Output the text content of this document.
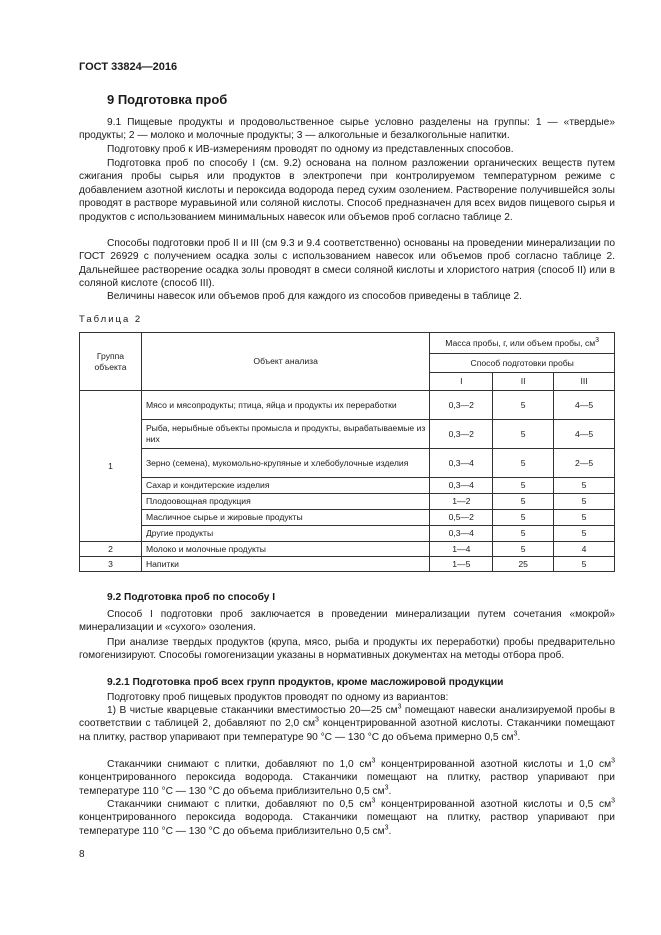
ГОСТ 33824—2016
9 Подготовка проб

9.1 Пищевые продукты и продовольственное сырье условно разделены на группы: 1 — «твердые» продукты; 2 — молоко и молочные продукты; 3 — алкогольные и безалкогольные напитки.

Подготовку проб к ИВ-измерениям проводят по одному из представленных способов.

Подготовка проб по способу I (см. 9.2) основана на полном разложении органических веществ путем сжигания пробы сырья или продуктов в электропечи при контролируемом температурном режиме с добавлением азотной кислоты и пероксида водорода перед сухим озолением. Растворение получившейся золы проводят в растворе муравьиной или соляной кислоты. Способ предназначен для всех видов пищевого сырья и продуктов с использованием минимальных навесок или объемов проб согласно таблице 2.

Способы подготовки проб II и III (см 9.3 и 9.4 соответственно) основаны на проведении минерализации по ГОСТ 26929 с получением осадка золы с использованием навесок или объемов проб согласно таблице 2. Дальнейшее растворение осадка золы проводят в смеси соляной кислоты и хлористого натрия (способ II) или в соляной кислоте (способ III).

Величины навесок или объемов проб для каждого из способов приведены в таблице 2.

Таблица 2
Группа объекта	Объект анализа	Масса пробы, г, или объем пробы, $см^3$
		Способ подготовки пробы		
		I	II	III
1	Мясо и мясопродукты; птица, яйца и продукты их переработки	0,3—2	5	4—5
	Рыба, нерыбные объекты промысла и продукты, вырабатываемые из них	0,3—2	5	4—5
	Зерно (семена), мукомольно-крупяные и хлебобулочные изделия	0,3—4	5	2—5
	Сахар и кондитерские изделия	0,3—4	5	5
	Плодоовощная продукция	1—2	5	5
	Масличное сырье и жировые продукты	0,5—2	5	5
	Другие продукты	0,3—4	5	5
2	Молоко и молочные продукты	1—4	5	4
3	Напитки	1—5	25	5
9.2 Подготовка проб по способу I

Способ I подготовки проб заключается в проведении минерализации путем сочетания «мокрой» минерализации и «сухого» озоления.

При анализе твердых продуктов (крупа, мясо, рыба и продукты их переработки) пробы предварительно гомогенизируют. Способы гомогенизации указаны в нормативных документах на методы отбора проб.

9.2.1 Подготовка проб всех групп продуктов, кроме масложировой продукции

Подготовку проб пищевых продуктов проводят по одному из вариантов:

1) В чистые кварцевые стаканчики вместимостью 20—25 $см^3$ помещают навески анализируемой пробы в соответствии с таблицей 2, добавляют по 2,0 $см^3$ концентрированной азотной кислоты. Стаканчики помещают на плитку, раствор упаривают при температуре 90 °С — 130 °С до объема примерно 0,5 $см^3$.

Стаканчики снимают с плитки, добавляют по 1,0 $см^3$ концентрированной азотной кислоты и 1,0 $см^3$ концентрированного пероксида водорода. Стаканчики помещают на плитку, раствор упаривают при температуре 110 °С — 130 °С до объема приблизительно 0,5 $см^3$.

Стаканчики снимают с плитки, добавляют по 0,5 $см^3$ концентрированной азотной кислоты и 0,5 $см^3$ концентрированного пероксида водорода. Стаканчики помещают на плитку, раствор упаривают при температуре 110 °С — 130 °С до объема приблизительно 0,5 $см^3$.

8
